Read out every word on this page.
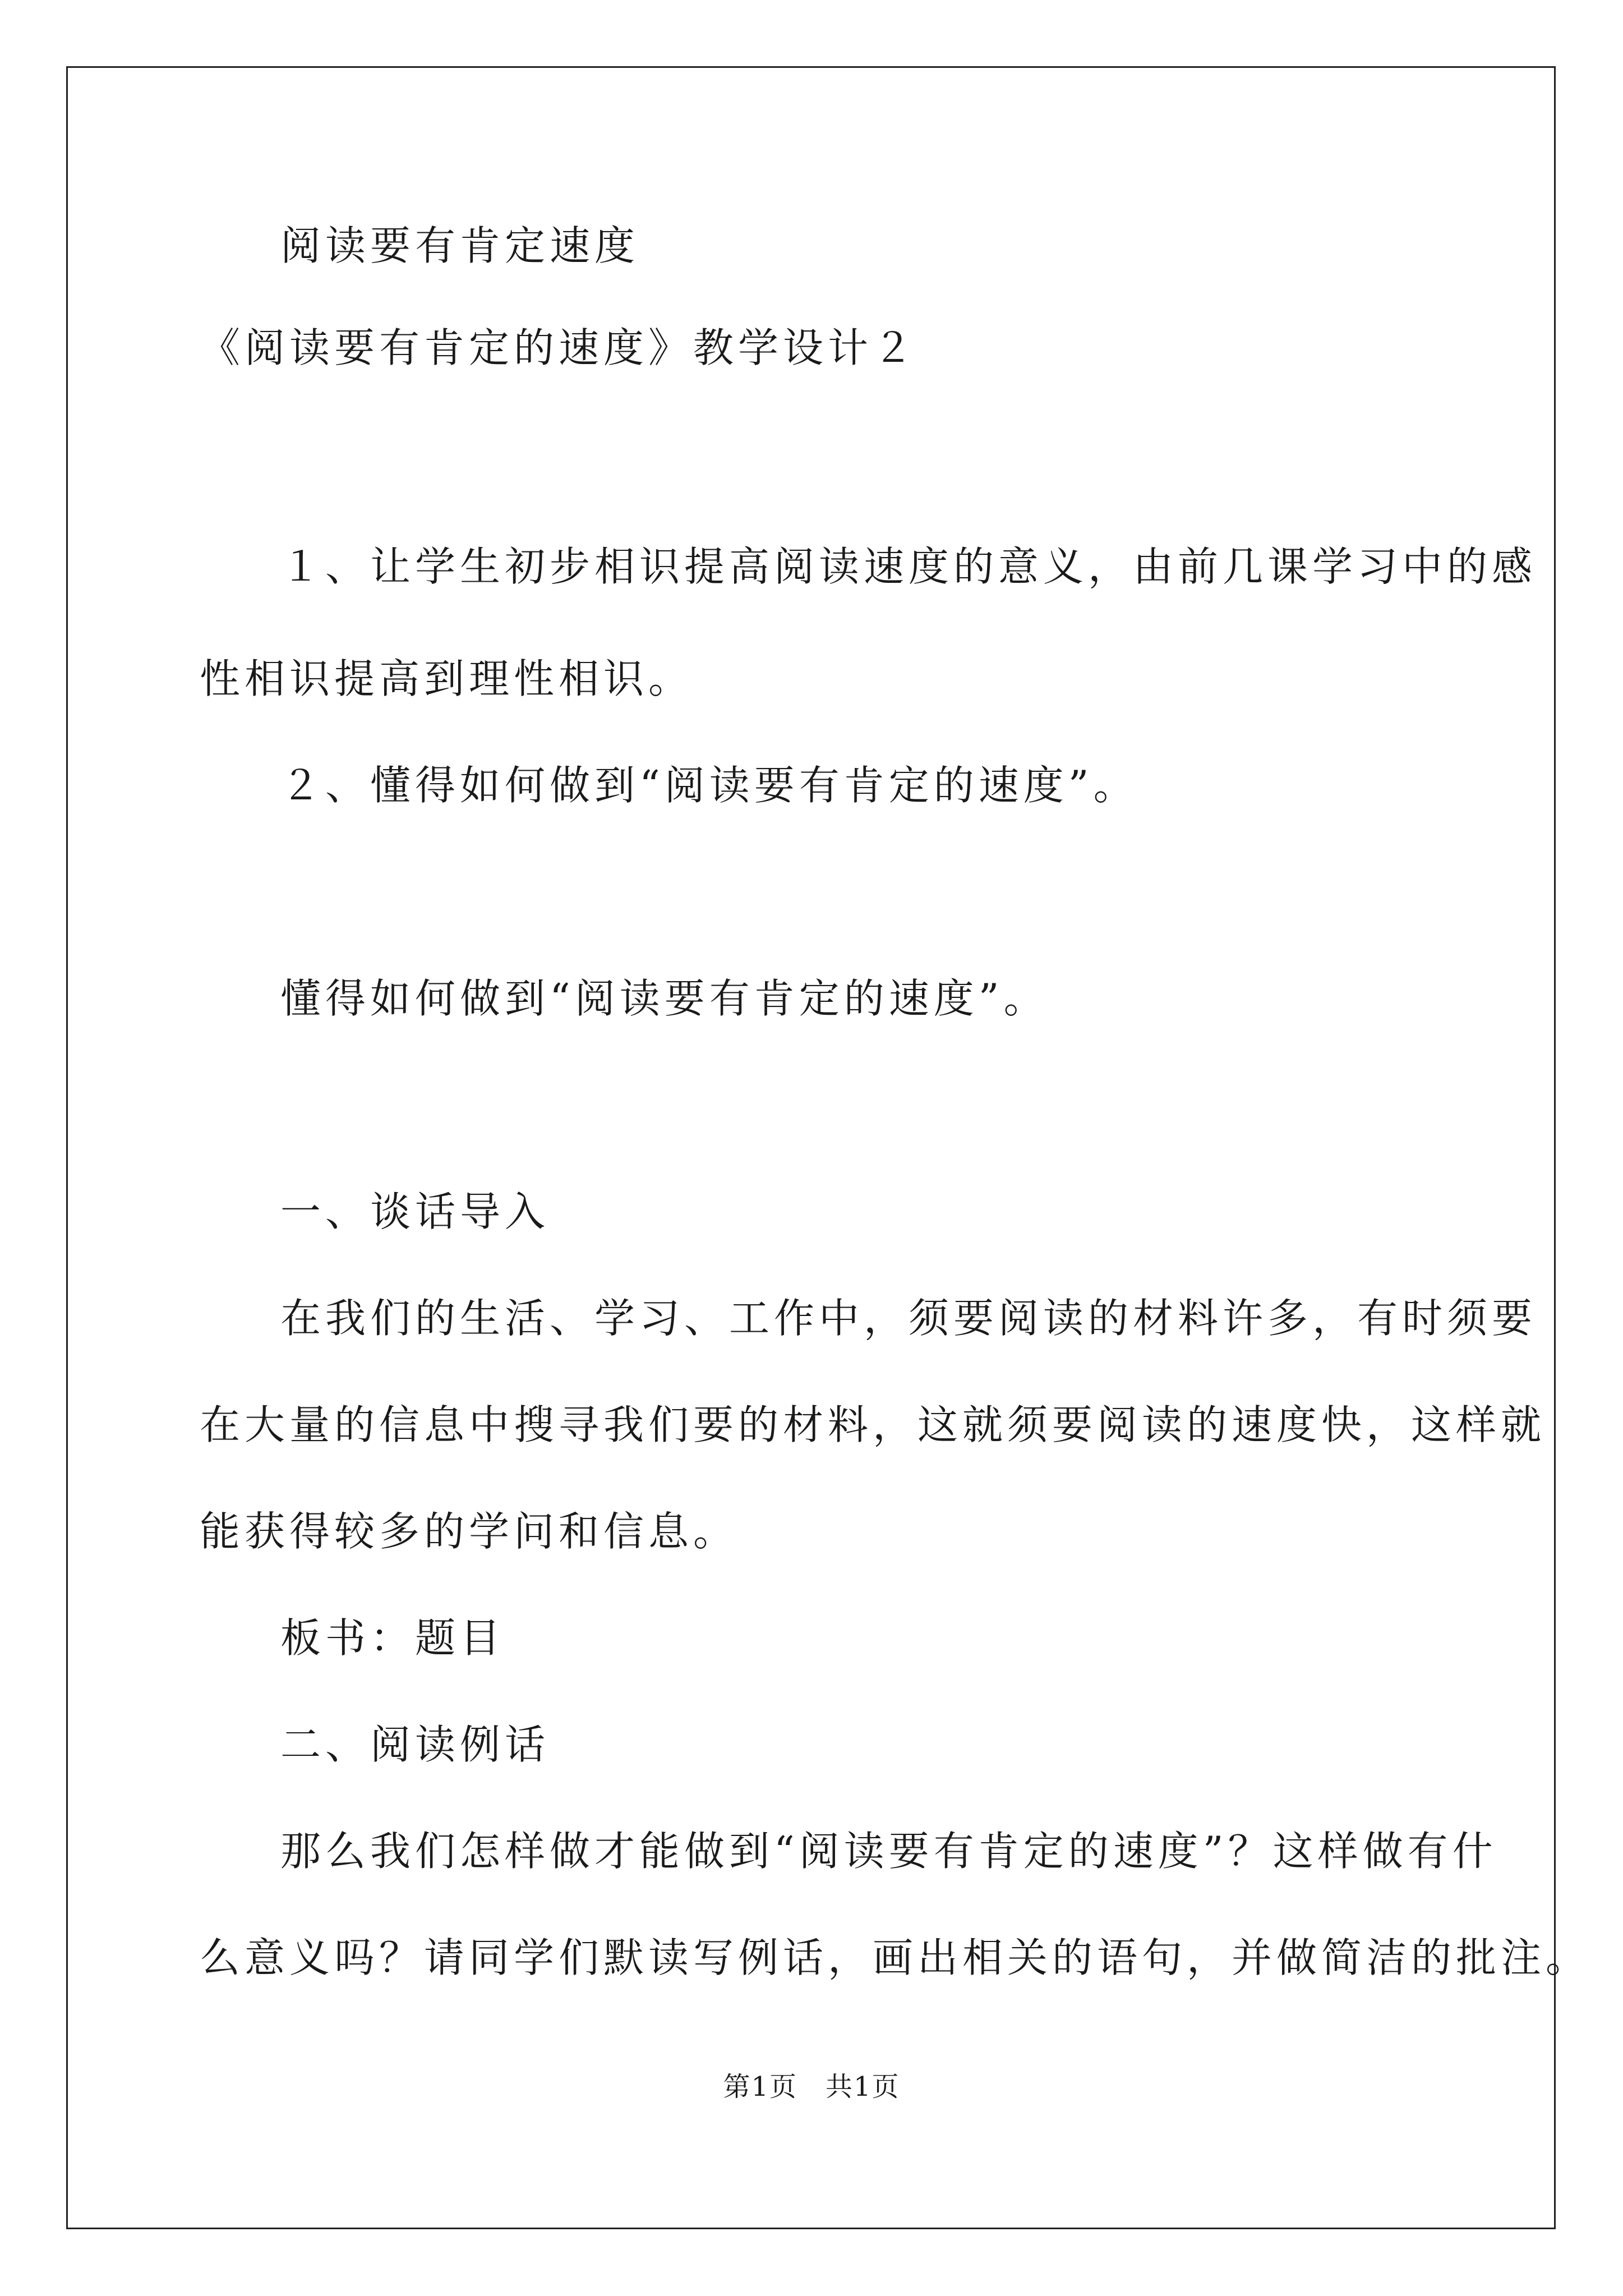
阅读要有肯定速度
《阅读要有肯定的速度》教学设计２
１、让学生初步相识提高阅读速度的意义，由前几课学习中的感
性相识提高到理性相识。
２、懂得如何做到“阅读要有肯定的速度”。
懂得如何做到“阅读要有肯定的速度”。
一、谈话导入
在我们的生活、学习、工作中，须要阅读的材料许多，有时须要
在大量的信息中搜寻我们要的材料，这就须要阅读的速度快，这样就
能获得较多的学问和信息。
板书：题目
二、阅读例话
那么我们怎样做才能做到“阅读要有肯定的速度”？这样做有什
么意义吗？请同学们默读写例话，画出相关的语句，并做简洁的批注。
第1页　共1页
